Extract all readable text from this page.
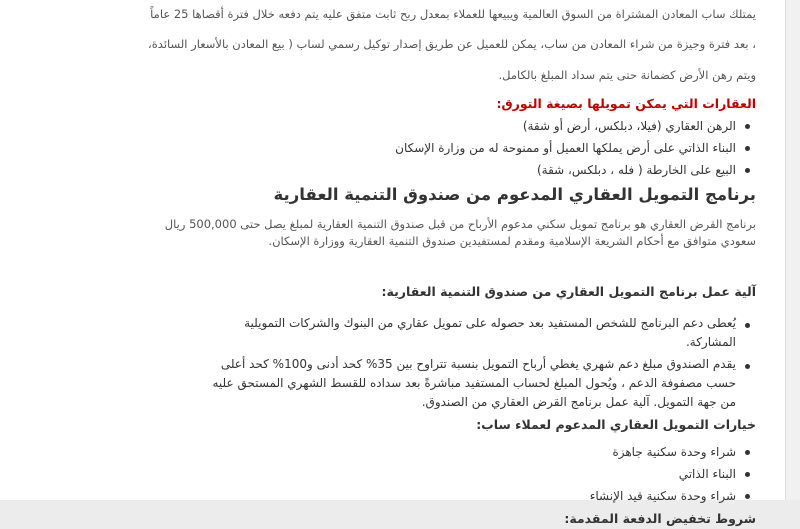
يمتلك ساب المعادن المشتراة من السوق العالمية ويبيعها للعملاء بمعدل ربح ثابت متفق عليه يتم دفعه خلال فترة أقصاها 25 عاماً

، بعد فترة وجيزة من شراء المعادن من ساب، يمكن للعميل عن طريق إصدار توكيل رسمي لساب ( بيع المعادن بالأسعار السائدة،

ويتم رهن الأرض كضمانة حتى يتم سداد المبلغ بالكامل.

العقارات التي يمكن تمويلها بصيغة التورق:

الرهن العقاري (فيلا، دبلكس، أرض أو شقة)
البناء الذاتي على أرض يملكها العميل أو ممنوحة له من وزارة الإسكان
البيع على الخارطة ( فله ، دبلكس، شقة)
برنامج التمويل العقاري المدعوم من صندوق التنمية العقارية

برنامج القرض العقاري هو برنامج تمويل سكني مدعوم الأرباح من قبل صندوق التنمية العقارية لمبلغ يصل حتى 500,000 ريال
سعودي متوافق مع أحكام الشريعة الإسلامية ومقدم لمستفيدين صندوق التنمية العقارية ووزارة الإسكان.

آلية عمل برنامج التمويل العقاري من صندوق التنمية العقارية:
يُعطى دعم البرنامج للشخص المستفيد بعد حصوله على تمويل عقاري من البنوك والشركات التمويلية
المشاركة.
يقدم الصندوق مبلغ دعم شهري يغطي أرباح التمويل بنسبة تتراوح بين 35% كحد أدنى و100% كحد أعلى
حسب مصفوفة الدعم ، ويُحول المبلغ لحساب المستفيد مباشرةً بعد سداده للقسط الشهري المستحق عليه
من جهة التمويل. آلية عمل برنامج القرض العقاري من الصندوق.
خيارات التمويل العقاري المدعوم لعملاء ساب:
شراء وحدة سكنية جاهزة
البناء الذاتي
شراء وحدة سكنية قيد الإنشاء
شروط تخفيض الدفعة المقدمة:
